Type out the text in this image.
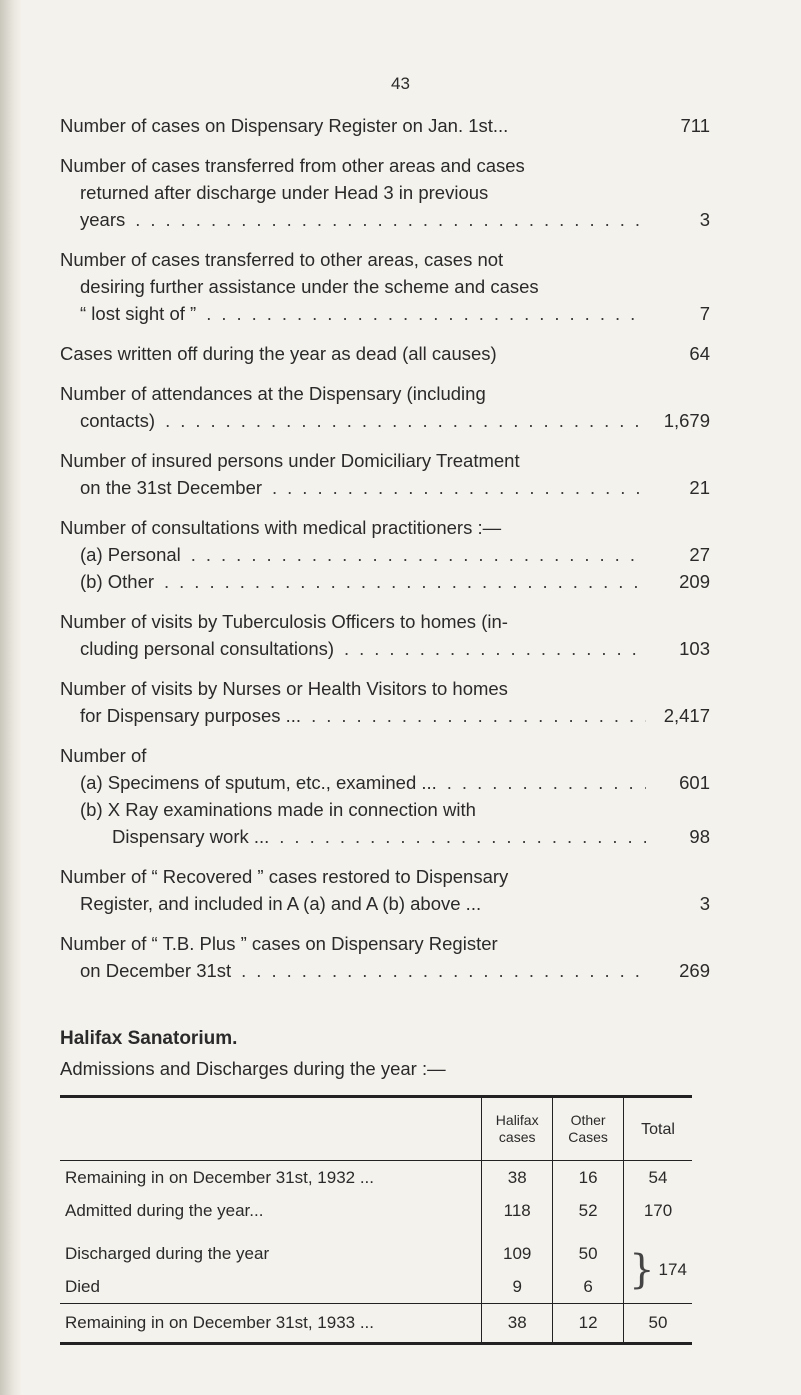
43
Number of cases on Dispensary Register on Jan. 1st...	711
Number of cases transferred from other areas and cases
returned after discharge under Head 3 in previous
years .....	3
Number of cases transferred to other areas, cases not
desiring further assistance under the scheme and cases
“ lost sight of ” .....	7
Cases written off during the year as dead (all causes)	64
Number of attendances at the Dispensary (including
contacts) .....	1,679
Number of insured persons under Domiciliary Treatment
on the 31st December .....	21
Number of consultations with medical practitioners :—
(a) Personal .....	27
(b) Other .....	209
Number of visits by Tuberculosis Officers to homes (in-
cluding personal consultations) .....	103
Number of visits by Nurses or Health Visitors to homes
for Dispensary purposes ... .....	2,417
Number of
(a) Specimens of sputum, etc., examined ... .....	601
(b) X Ray examinations made in connection with
Dispensary work ... .....	98
Number of “ Recovered ” cases restored to Dispensary
Register, and included in A (a) and A (b) above ...	3
Number of “ T.B. Plus ” cases on Dispensary Register
on December 31st .....	269
Halifax Sanatorium.
Admissions and Discharges during the year :—
	Halifax cases	Other Cases	Total
Remaining in on December 31st, 1932 ...	38	16	54
Admitted during the year...	118	52	170
Discharged during the year	109	50	} 174

Died	9	6	
Remaining in on December 31st, 1933 ...	38	12	50
